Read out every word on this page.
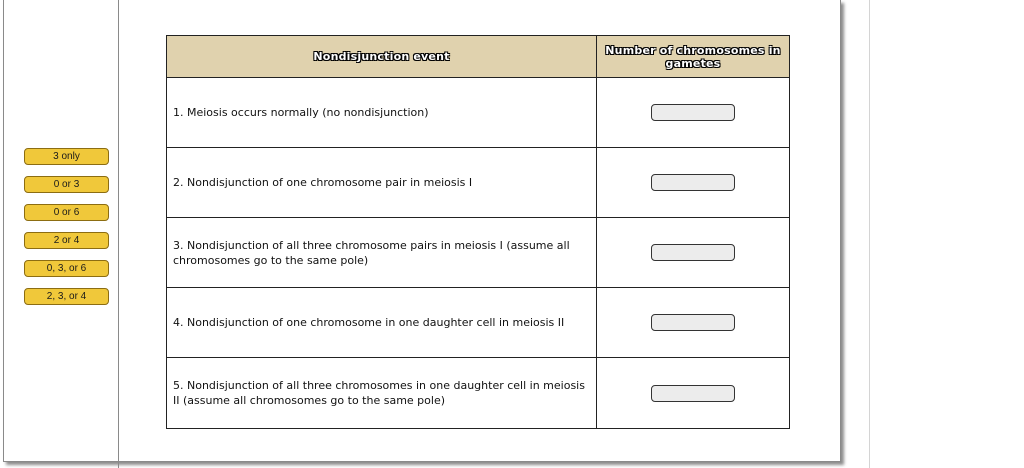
3 only
0 or 3
0 or 6
2 or 4
0, 3, or 6
2, 3, or 4
Nondisjunction event	Number of chromosomes in gametes
1. Meiosis occurs normally (no nondisjunction)
2. Nondisjunction of one chromosome pair in meiosis I
3. Nondisjunction of all three chromosome pairs in meiosis I (assume all chromosomes go to the same pole)
4. Nondisjunction of one chromosome in one daughter cell in meiosis II
5. Nondisjunction of all three chromosomes in one daughter cell in meiosis II (assume all chromosomes go to the same pole)
